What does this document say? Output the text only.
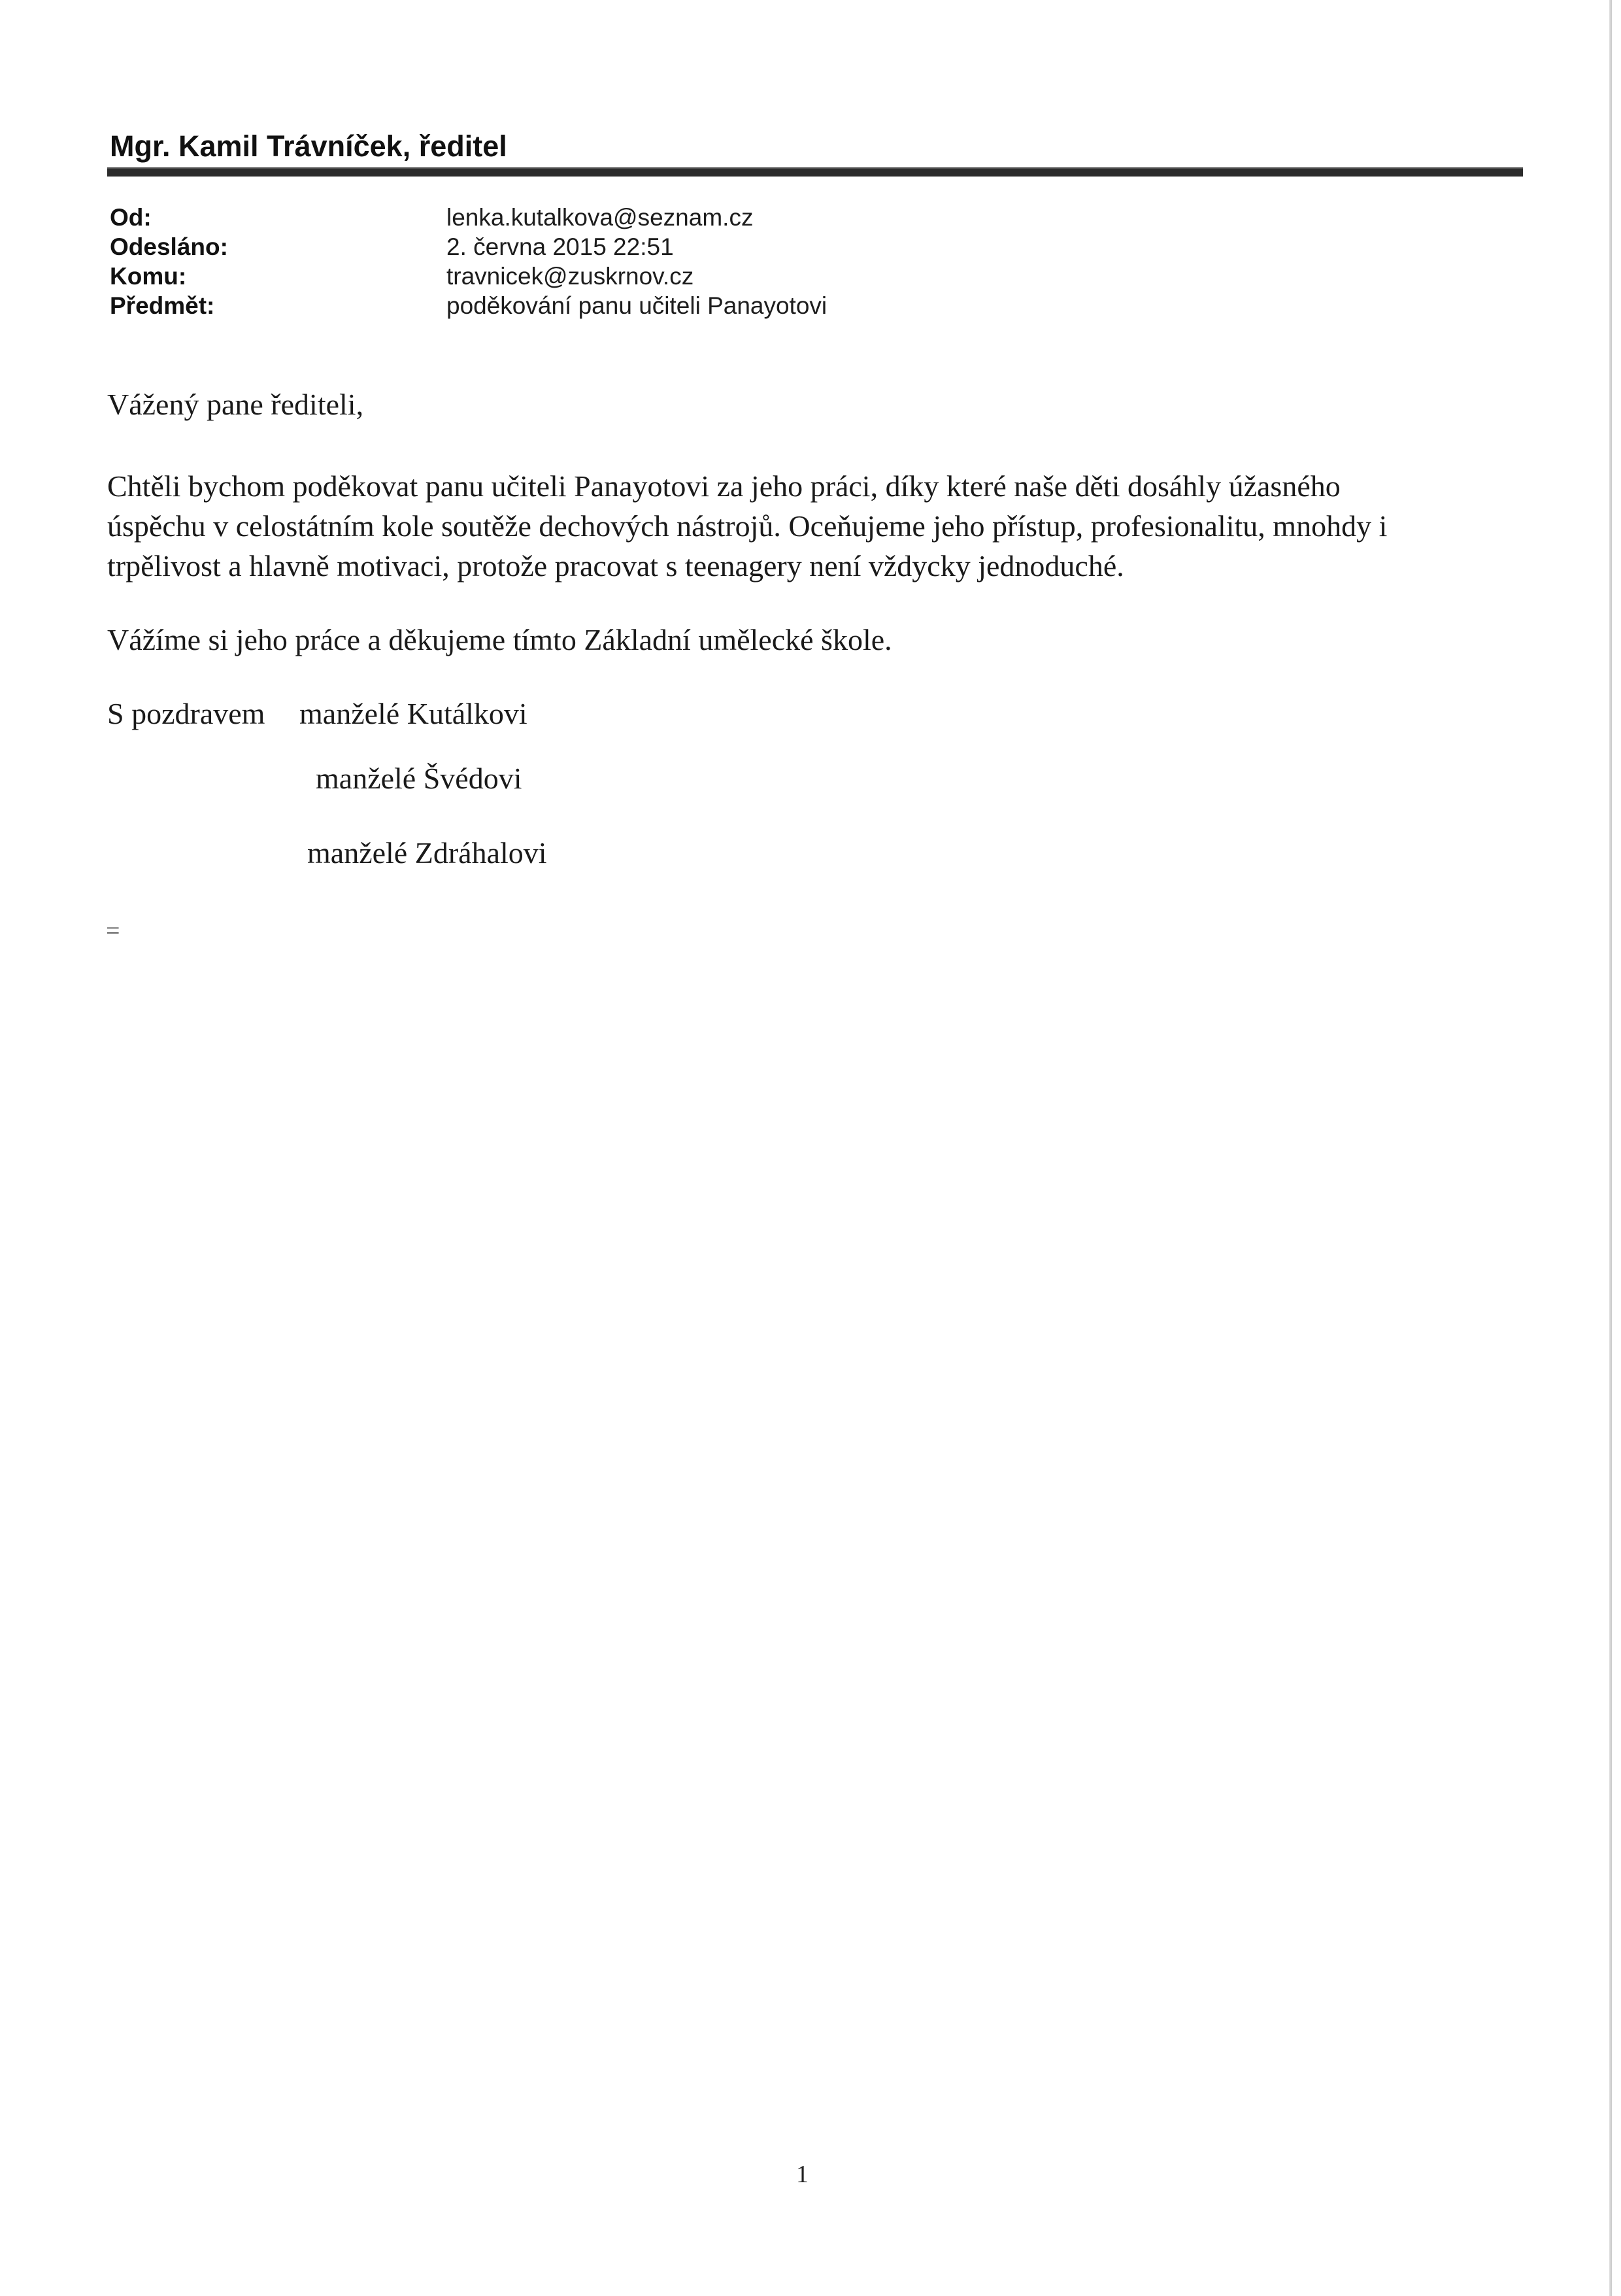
Mgr. Kamil Trávníček, ředitel
Od:	lenka.kutalkova@seznam.cz
Odesláno:	2. června 2015 22:51
Komu:	travnicek@zuskrnov.cz
Předmět:	poděkování panu učiteli Panayotovi

Vážený pane řediteli,

Chtěli bychom poděkovat panu učiteli Panayotovi za jeho práci, díky které naše děti dosáhly úžasného
úspěchu v celostátním kole soutěže dechových nástrojů. Oceňujeme jeho přístup, profesionalitu, mnohdy i
trpělivost a hlavně motivaci, protože pracovat s teenagery není vždycky jednoduché.

Vážíme si jeho práce a děkujeme tímto Základní umělecké škole.

S pozdravem	manželé Kutálkovi
manželé Švédovi
manželé Zdráhalovi
=
1
